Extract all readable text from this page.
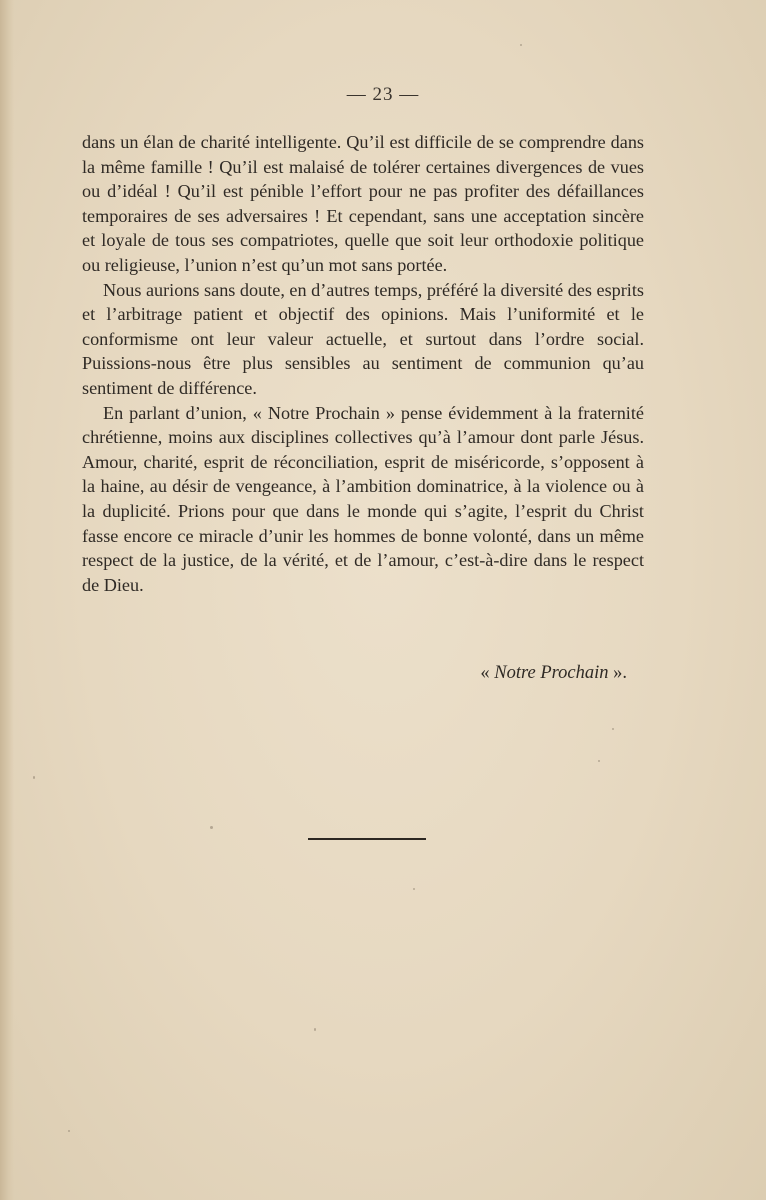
— 23 —

dans un élan de charité intelligente. Qu’il est difficile de se comprendre dans la même famille ! Qu’il est malaisé de tolérer certaines divergences de vues ou d’idéal ! Qu’il est pénible l’effort pour ne pas profiter des défaillances temporaires de ses adversaires ! Et cependant, sans une acceptation sincère et loyale de tous ses compatriotes, quelle que soit leur orthodoxie politique ou religieuse, l’union n’est qu’un mot sans portée.

Nous aurions sans doute, en d’autres temps, préféré la diversité des esprits et l’arbitrage patient et objectif des opinions. Mais l’uniformité et le conformisme ont leur valeur actuelle, et surtout dans l’ordre social. Puissions-nous être plus sensibles au sentiment de communion qu’au sentiment de différence.

En parlant d’union, « Notre Prochain » pense évidemment à la fraternité chrétienne, moins aux disciplines collectives qu’à l’amour dont parle Jésus. Amour, charité, esprit de réconciliation, esprit de miséricorde, s’opposent à la haine, au désir de vengeance, à l’ambition dominatrice, à la violence ou à la duplicité. Prions pour que dans le monde qui s’agite, l’esprit du Christ fasse encore ce miracle d’unir les hommes de bonne volonté, dans un même respect de la justice, de la vérité, et de l’amour, c’est-à-dire dans le respect de Dieu.

« Notre Prochain ».
